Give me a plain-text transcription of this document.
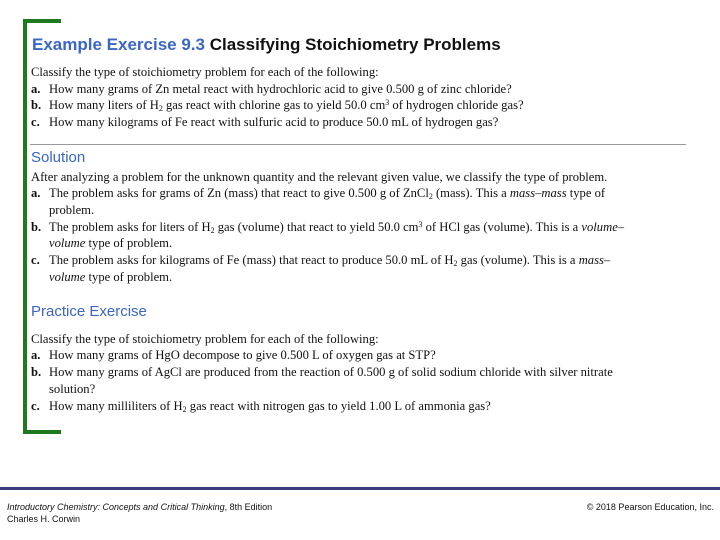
Example Exercise 9.3 Classifying Stoichiometry Problems
Classify the type of stoichiometry problem for each of the following:
a. How many grams of Zn metal react with hydrochloric acid to give 0.500 g of zinc chloride?
b. How many liters of $H_2$ gas react with chlorine gas to yield 50.0 $cm^3$ of hydrogen chloride gas?
c. How many kilograms of Fe react with sulfuric acid to produce 50.0 mL of hydrogen gas?
Solution
After analyzing a problem for the unknown quantity and the relevant given value, we classify the type of problem.
a. The problem asks for grams of Zn (mass) that react to give 0.500 g of ZnCl$_2$ (mass). This a mass–mass type of
problem.
b. The problem asks for liters of $H_2$ gas (volume) that react to yield 50.0 $cm^3$ of HCl gas (volume). This is a volume–
volume type of problem.
c. The problem asks for kilograms of Fe (mass) that react to produce 50.0 mL of $H_2$ gas (volume). This is a mass–
volume type of problem.
Practice Exercise
Classify the type of stoichiometry problem for each of the following:
a. How many grams of HgO decompose to give 0.500 L of oxygen gas at STP?
b. How many grams of AgCl are produced from the reaction of 0.500 g of solid sodium chloride with silver nitrate
solution?
c. How many milliliters of $H_2$ gas react with nitrogen gas to yield 1.00 L of ammonia gas?
Introductory Chemistry: Concepts and Critical Thinking, 8th Edition
Charles H. Corwin
© 2018 Pearson Education, Inc.
